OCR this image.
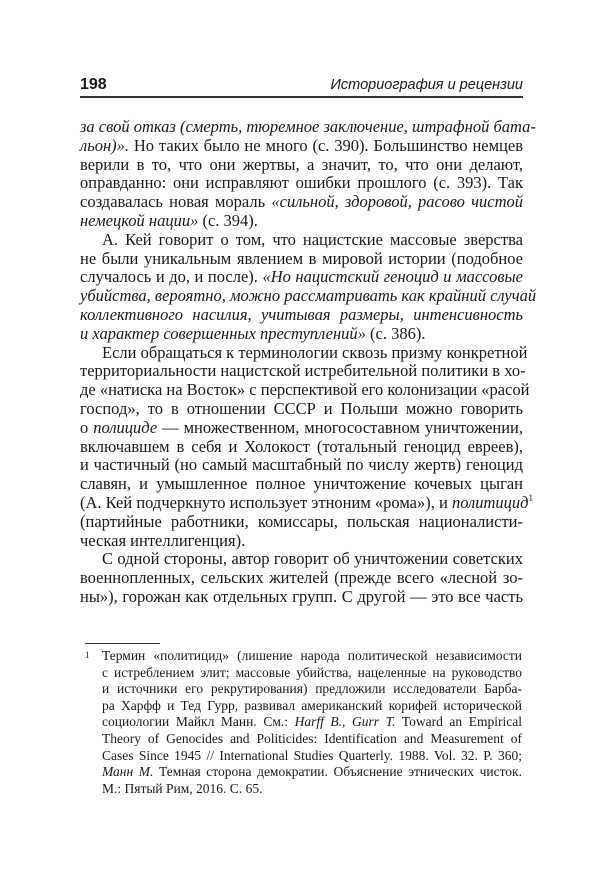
198	Историография и рецензии
за свой отказ (смерть, тюремное заключение, штрафной бата-
льон)». Но таких было не много (с. 390). Большинство немцев
верили в то, что они жертвы, а значит, то, что они делают,
оправданно: они исправляют ошибки прошлого (с. 393). Так
создавалась новая мораль «сильной, здоровой, расово чистой
немецкой нации» (с. 394).
А. Кей говорит о том, что нацистские массовые зверства
не были уникальным явлением в мировой истории (подобное
случалось и до, и после). «Но нацистский геноцид и массовые
убийства, вероятно, можно рассматривать как крайний случай
коллективного насилия, учитывая размеры, интенсивность
и характер совершенных преступлений» (с. 386).
Если обращаться к терминологии сквозь призму конкретной
территориальности нацистской истребительной политики в хо-
де «натиска на Восток» с перспективой его колонизации «расой
господ», то в отношении СССР и Польши можно говорить
о полициде — множественном, многосоставном уничтожении,
включавшем в себя и Холокост (тотальный геноцид евреев),
и частичный (но самый масштабный по числу жертв) геноцид
славян, и умышленное полное уничтожение кочевых цыган
(А. Кей подчеркнуто использует этноним «рома»), и политицид$^1$
(партийные работники, комиссары, польская националисти-
ческая интеллигенция).
С одной стороны, автор говорит об уничтожении советских
военнопленных, сельских жителей (прежде всего «лесной зо-
ны»), горожан как отдельных групп. С другой — это все часть
1 Термин «политицид» (лишение народа политической независимости
с истреблением элит; массовые убийства, нацеленные на руководство
и источники его рекрутирования) предложили исследователи Барба-
ра Харфф и Тед Гурр, развивал американский корифей исторической
социологии Майкл Манн. См.: Harff B., Gurr T. Toward an Empirical
Theory of Genocides and Politicides: Identification and Measurement of
Cases Since 1945 // International Studies Quarterly. 1988. Vol. 32. P. 360;
Манн М. Темная сторона демократии. Объяснение этнических чисток.
М.: Пятый Рим, 2016. С. 65.
